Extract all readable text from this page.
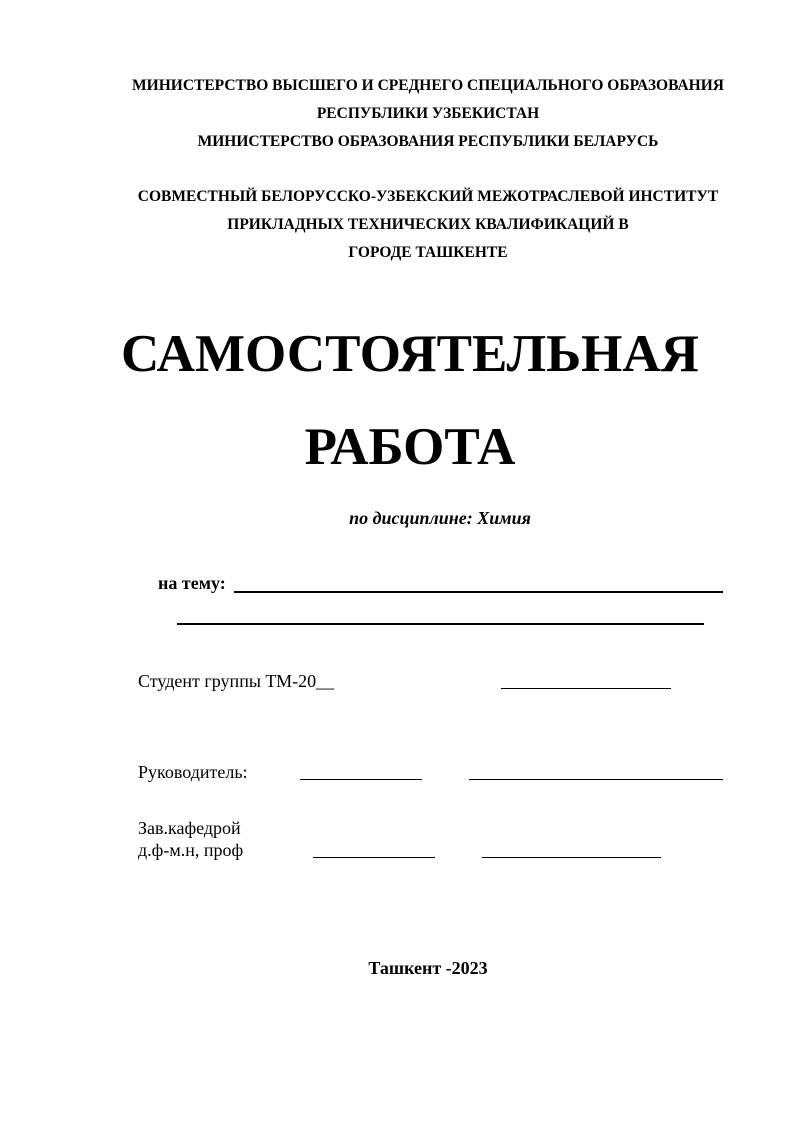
МИНИСТЕРСТВО ВЫСШЕГО И СРЕДНЕГО СПЕЦИАЛЬНОГО ОБРАЗОВАНИЯ
РЕСПУБЛИКИ УЗБЕКИСТАН
МИНИСТЕРСТВО ОБРАЗОВАНИЯ РЕСПУБЛИКИ БЕЛАРУСЬ
СОВМЕСТНЫЙ БЕЛОРУССКО-УЗБЕКСКИЙ МЕЖОТРАСЛЕВОЙ ИНСТИТУТ
ПРИКЛАДНЫХ ТЕХНИЧЕСКИХ КВАЛИФИКАЦИЙ В
ГОРОДЕ ТАШКЕНТЕ
САМОСТОЯТЕЛЬНАЯ
РАБОТА
по дисциплине: Химия
на тему:
Студент группы ТМ-20__
Руководитель:
Зав.кафедрой
д.ф-м.н, проф
Ташкент -2023
